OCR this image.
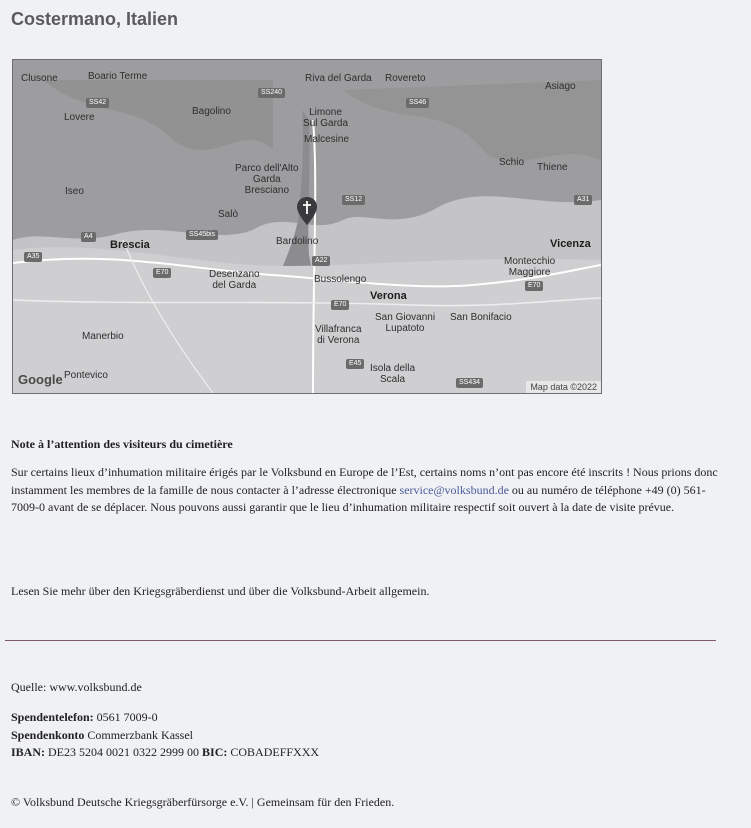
Costermano, Italien
Clusone	Boario Terme	Riva del Garda Rovereto
Asiago
Lovere
Bagolino	Limone
Sul Garda
Malcesine
Schio Thiene
Parco dell'Alto
Garda
Bresciano
Iseo
Salò
Brescia	Bardolino	Vicenza
Montecchio
Maggiore
Desenzano
del Garda
Bussolengo
Verona
San Giovanni
Lupatoto
San Bonifacio
Manerbio
Villafranca
di Verona
Pontevico
Isola della
Scala
SS42
SS240
SS46
SS12	A31
A4	SS45bis
A22
A35
E70
E70
E70
E45
SS434
Google	Map data ©2022

Note à l’attention des visiteurs du cimetière

Sur certains lieux d’inhumation militaire érigés par le Volksbund en Europe de l’Est, certains noms n’ont pas encore été inscrits ! Nous prions donc instamment les membres de la famille de nous contacter à l’adresse électronique service@volksbund.de ou au numéro de téléphone +49 (0) 561-7009-0 avant de se déplacer. Nous pouvons aussi garantir que le lieu d’inhumation militaire respectif soit ouvert à la date de visite prévue.

Lesen Sie mehr über den Kriegsgräberdienst und über die Volksbund-Arbeit allgemein.

Quelle: www.volksbund.de

Spendentelefon: 0561 7009-0
Spendenkonto Commerzbank Kassel
IBAN: DE23 5204 0021 0322 2999 00 BIC: COBADEFFXXX

© Volksbund Deutsche Kriegsgräberfürsorge e.V. | Gemeinsam für den Frieden.
